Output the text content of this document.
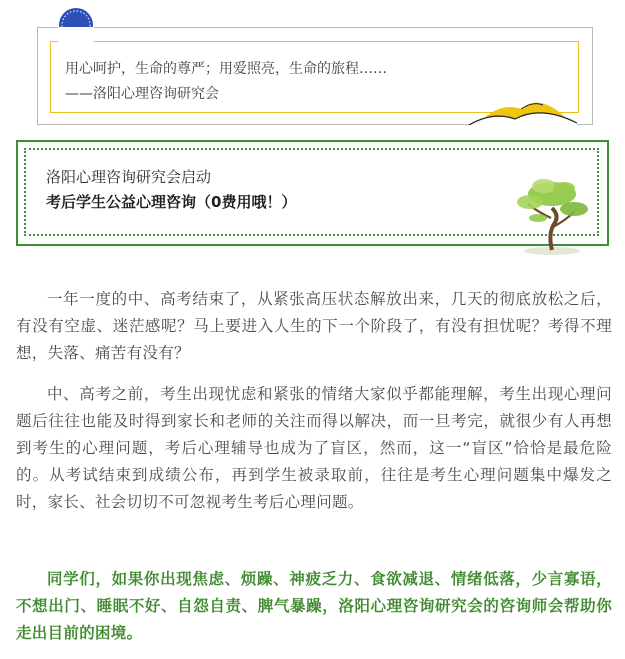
用心呵护，生命的尊严；用爱照亮，生命的旅程……
——洛阳心理咨询研究会
洛阳心理咨询研究会启动
考后学生公益心理咨询（0费用哦！）

一年一度的中、高考结束了，从紧张高压状态解放出来，几天的彻底放松之后，有没有空虚、迷茫感呢？马上要进入人生的下一个阶段了，有没有担忧呢？考得不理想，失落、痛苦有没有？

中、高考之前，考生出现忧虑和紧张的情绪大家似乎都能理解，考生出现心理问题后往往也能及时得到家长和老师的关注而得以解决，而一旦考完，就很少有人再想到考生的心理问题，考后心理辅导也成为了盲区，然而，这一“盲区”恰恰是最危险的。从考试结束到成绩公布，再到学生被录取前，往往是考生心理问题集中爆发之时，家长、社会切切不可忽视考生考后心理问题。

同学们，如果你出现焦虑、烦躁、神疲乏力、食欲减退、情绪低落，少言寡语，不想出门、睡眠不好、自怨自责、脾气暴躁，洛阳心理咨询研究会的咨询师会帮助你走出目前的困境。
